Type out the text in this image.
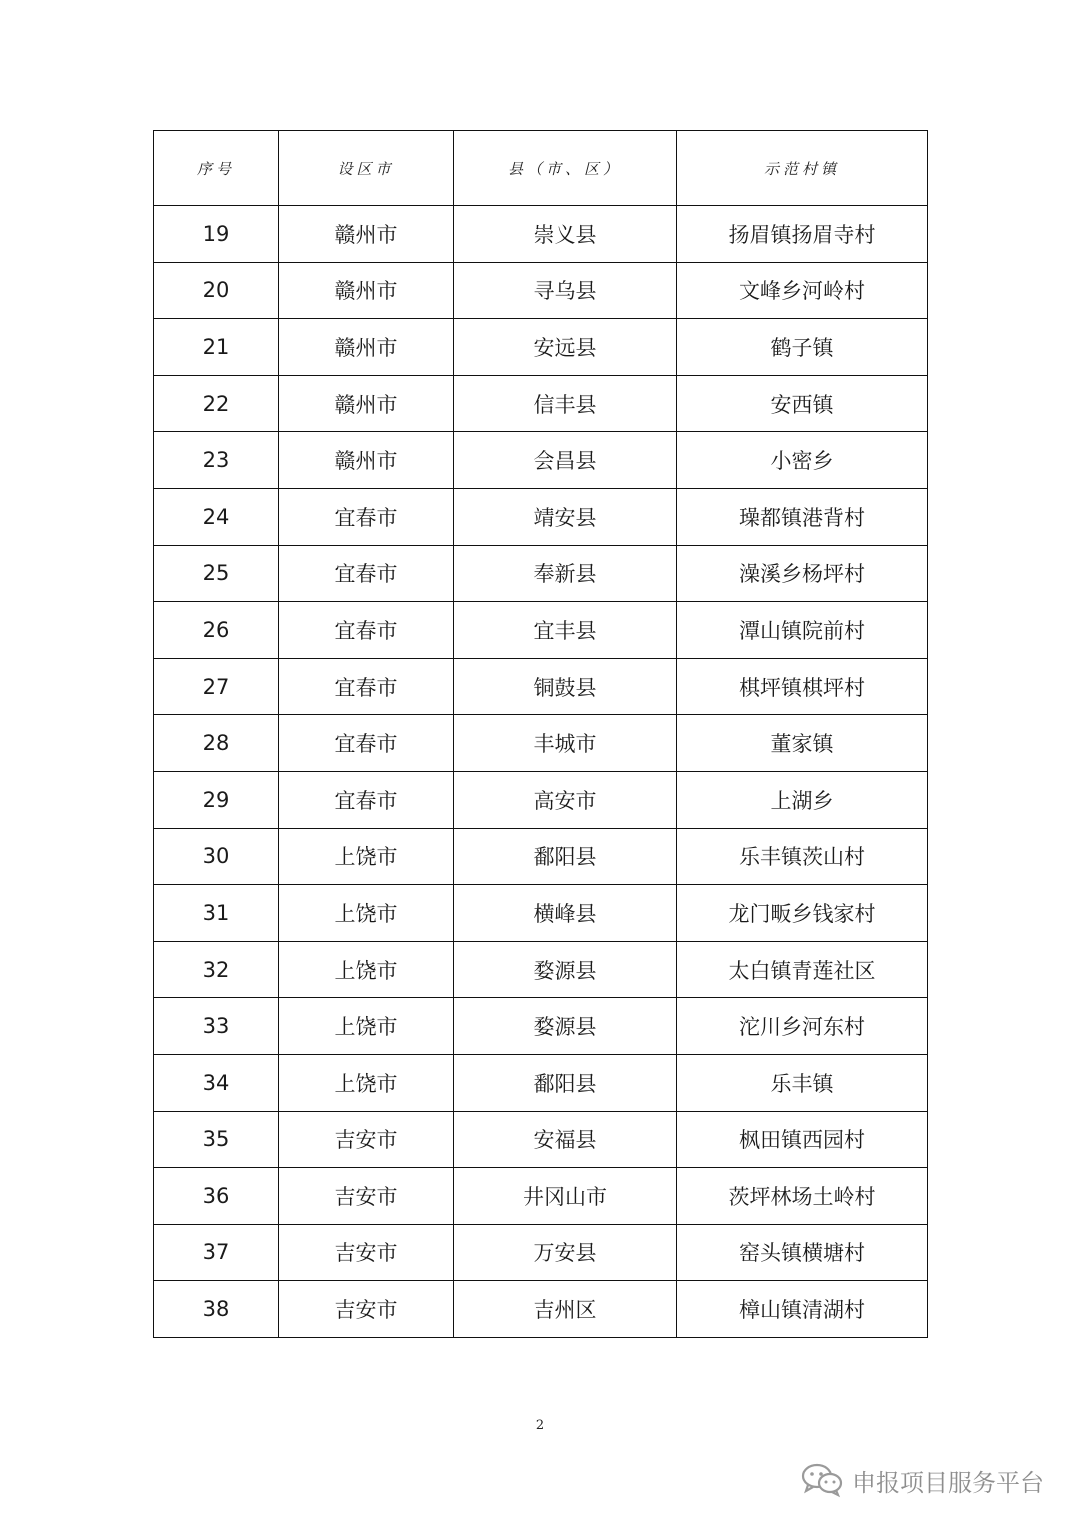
序号	设区市	县（市、区）	示范村镇
19	赣州市	崇义县	扬眉镇扬眉寺村
20	赣州市	寻乌县	文峰乡河岭村
21	赣州市	安远县	鹤子镇
22	赣州市	信丰县	安西镇
23	赣州市	会昌县	小密乡
24	宜春市	靖安县	璪都镇港背村
25	宜春市	奉新县	澡溪乡杨坪村
26	宜春市	宜丰县	潭山镇院前村
27	宜春市	铜鼓县	棋坪镇棋坪村
28	宜春市	丰城市	董家镇
29	宜春市	高安市	上湖乡
30	上饶市	鄱阳县	乐丰镇茨山村
31	上饶市	横峰县	龙门畈乡钱家村
32	上饶市	婺源县	太白镇青莲社区
33	上饶市	婺源县	沱川乡河东村
34	上饶市	鄱阳县	乐丰镇
35	吉安市	安福县	枫田镇西园村
36	吉安市	井冈山市	茨坪林场土岭村
37	吉安市	万安县	窑头镇横塘村
38	吉安市	吉州区	樟山镇清湖村
2
申报项目服务平台
